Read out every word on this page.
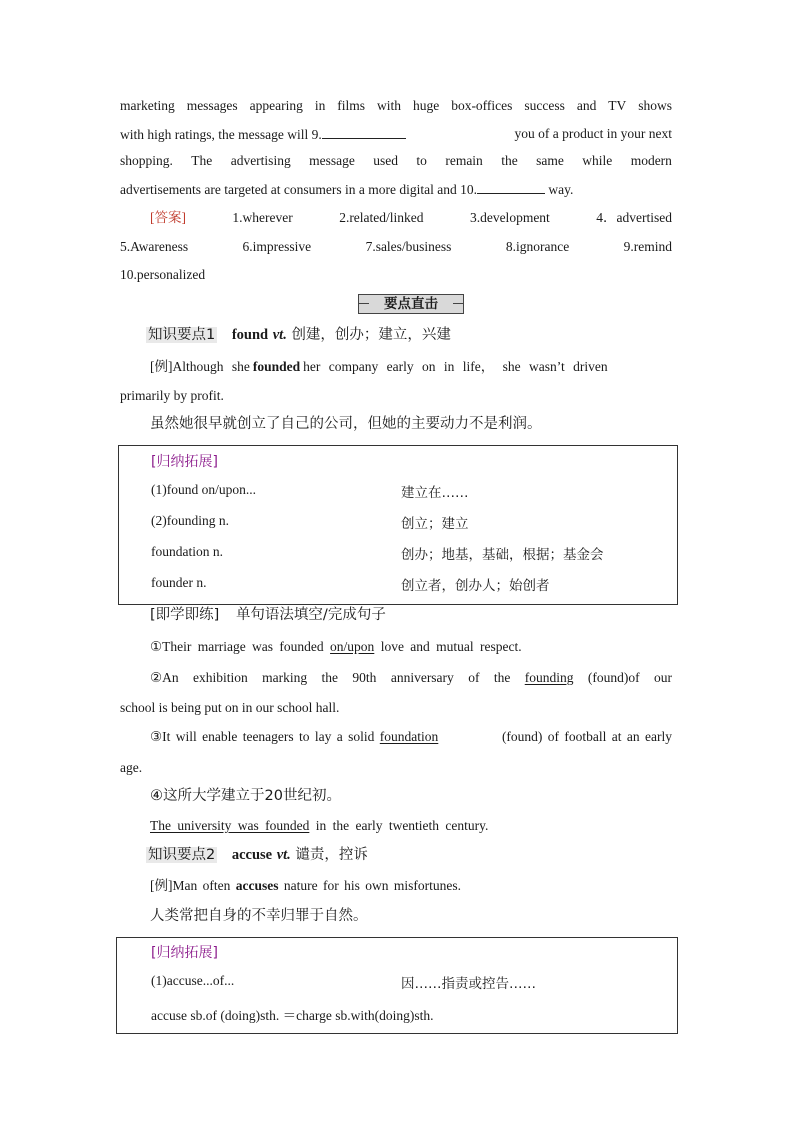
marketing messages appearing in films with huge box-offices success and TV shows
with high ratings, the message will 9.	you of a product in your next
shopping. The advertising message used to remain the same while modern
advertisements are targeted at consumers in a more digital and 10.	way.
[答案]	1.wherever	2.related/linked	3.development	4．advertised
5.Awareness	6.impressive	7.sales/business	8.ignorance	9.remind
10.personalized
要点直击
知识要点1 found vt. 创建，创办；建立，兴建
[例] Although she founded her company early on in life， she wasn’t driven
primarily by profit.
虽然她很早就创立了自己的公司，但她的主要动力不是利润。
[归纳拓展]
(1)found on/upon...	建立在……
(2)founding n.	创立；建立
foundation n.	创办；地基，基础，根据；基金会
founder n.	创立者，创办人；始创者
[即学即练] 单句语法填空/完成句子
①Their marriage was founded on/upon love and mutual respect.
②An exhibition marking the 90th anniversary of the founding (found)of our
school is being put on in our school hall.
③It will enable teenagers to lay a solid foundation	(found) of football at an early
age.
④这所大学建立于20世纪初。
The university was founded in the early twentieth century.
知识要点2 accuse vt. 谴责，控诉
[例]Man often accuses nature for his own misfortunes.
人类常把自身的不幸归罪于自然。
[归纳拓展]
(1)accuse...of...	因……指责或控告……
accuse sb.of (doing)sth. ＝charge sb.with(doing)sth.
